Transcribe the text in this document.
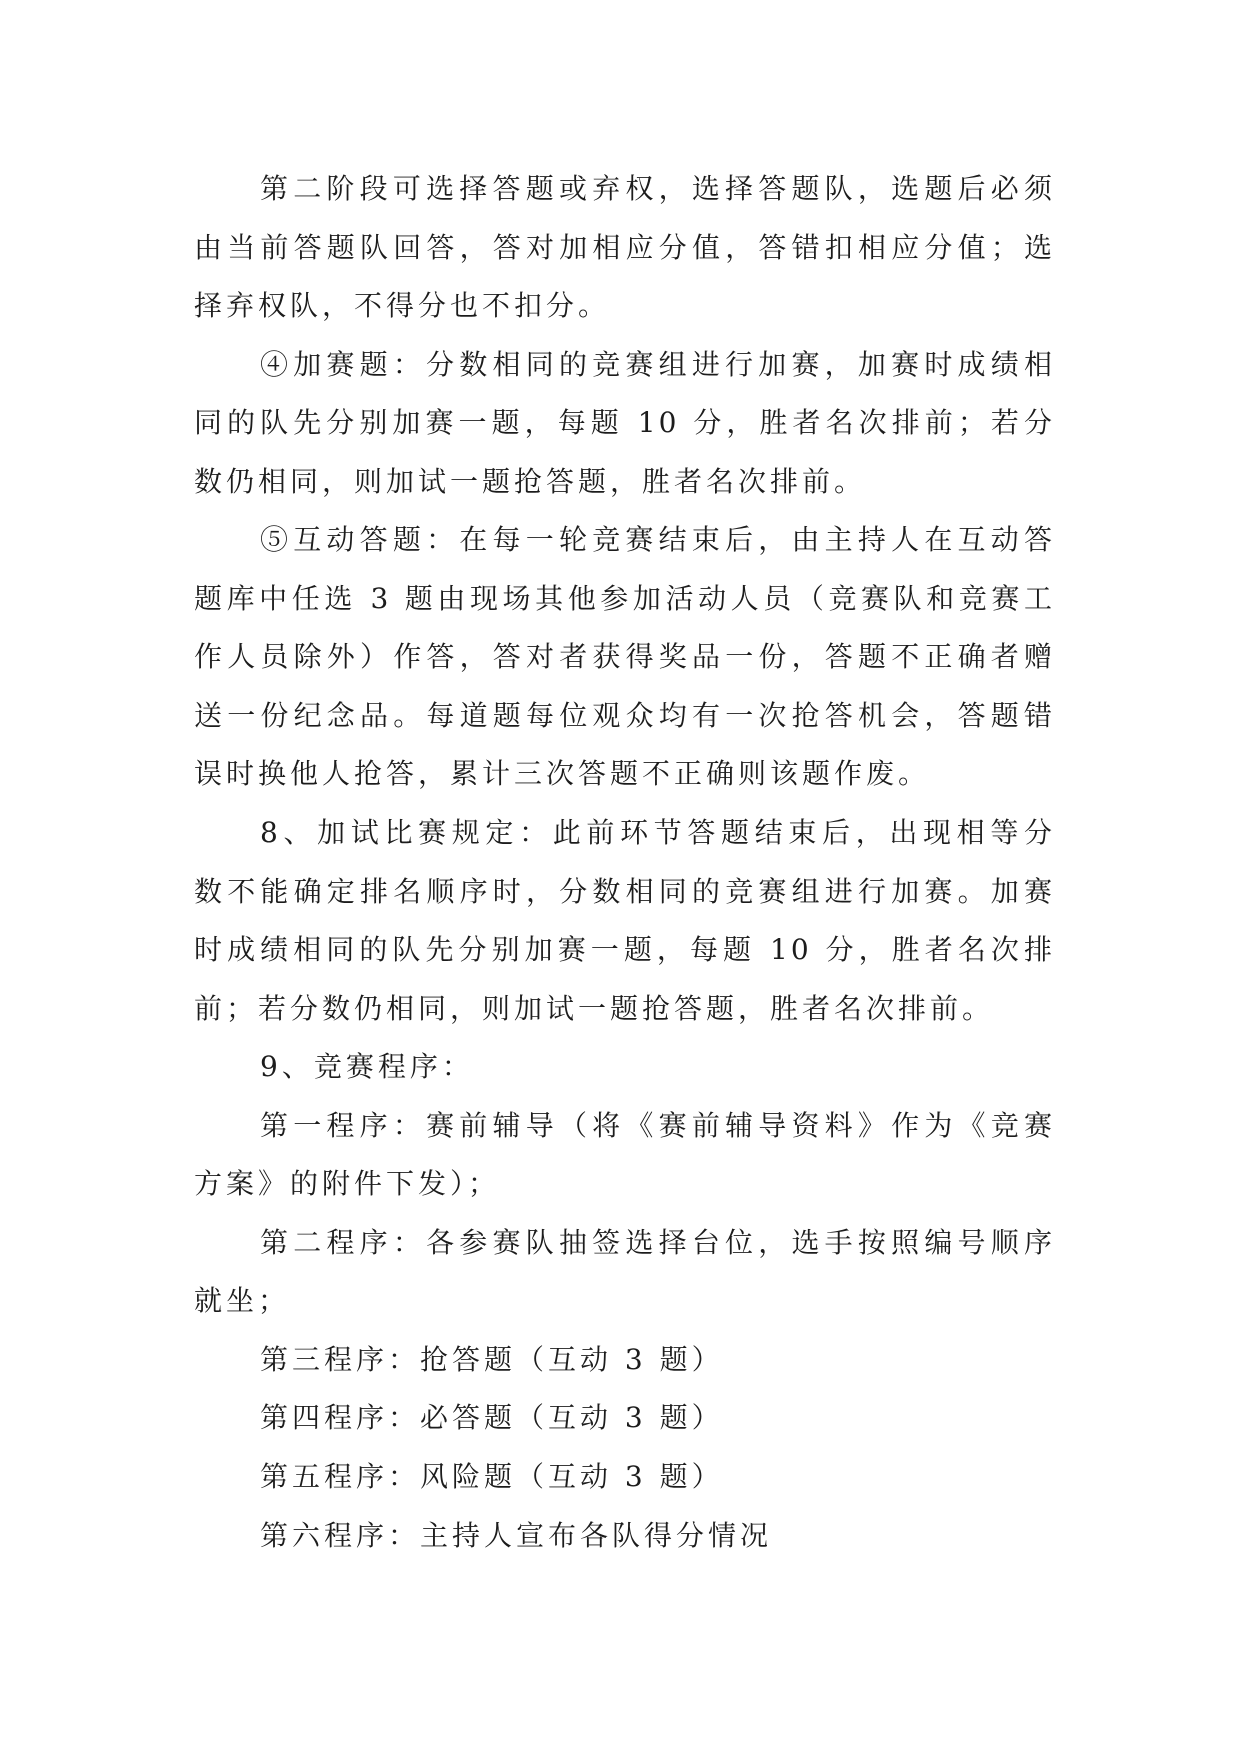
第二阶段可选择答题或弃权，选择答题队，选题后必须
由当前答题队回答，答对加相应分值，答错扣相应分值；选
择弃权队，不得分也不扣分。
④加赛题：分数相同的竞赛组进行加赛，加赛时成绩相
同的队先分别加赛一题，每题 10 分，胜者名次排前；若分
数仍相同，则加试一题抢答题，胜者名次排前。
⑤互动答题：在每一轮竞赛结束后，由主持人在互动答
题库中任选 3 题由现场其他参加活动人员（竞赛队和竞赛工
作人员除外）作答，答对者获得奖品一份，答题不正确者赠
送一份纪念品。每道题每位观众均有一次抢答机会，答题错
误时换他人抢答，累计三次答题不正确则该题作废。
8、加试比赛规定：此前环节答题结束后，出现相等分
数不能确定排名顺序时，分数相同的竞赛组进行加赛。加赛
时成绩相同的队先分别加赛一题，每题 10 分，胜者名次排
前；若分数仍相同，则加试一题抢答题，胜者名次排前。
9、竞赛程序：
第一程序：赛前辅导（将《赛前辅导资料》作为《竞赛
方案》的附件下发）；
第二程序：各参赛队抽签选择台位，选手按照编号顺序
就坐；
第三程序：抢答题（互动 3 题）
第四程序：必答题（互动 3 题）
第五程序：风险题（互动 3 题）
第六程序：主持人宣布各队得分情况
